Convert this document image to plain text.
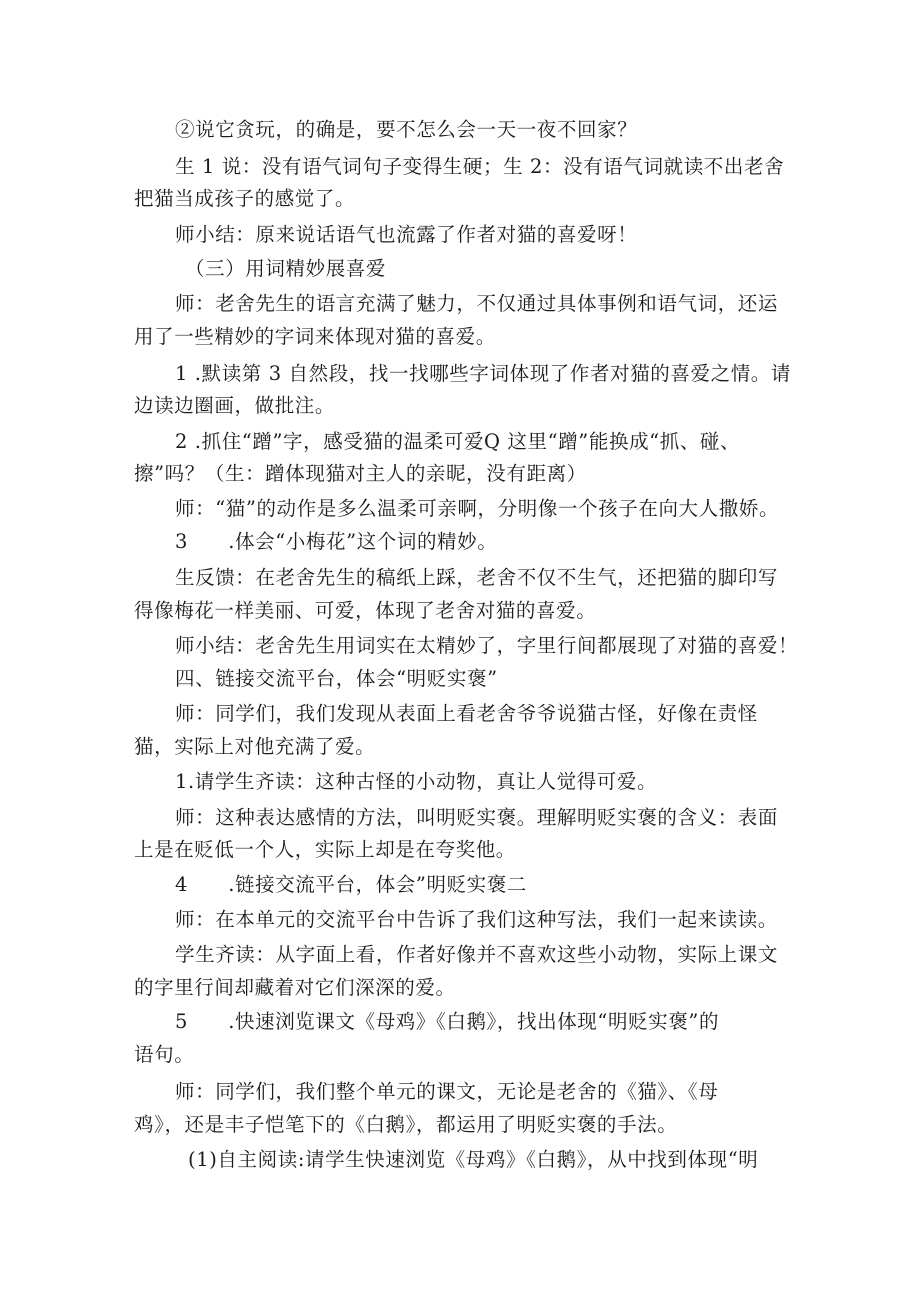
②说它贪玩，的确是，要不怎么会一天一夜不回家？
生 1 说：没有语气词句子变得生硬；生 2：没有语气词就读不出老舍
把猫当成孩子的感觉了。
师小结：原来说话语气也流露了作者对猫的喜爱呀！
（三）用词精妙展喜爱
师：老舍先生的语言充满了魅力，不仅通过具体事例和语气词，还运
用了一些精妙的字词来体现对猫的喜爱。
1 .默读第 3 自然段，找一找哪些字词体现了作者对猫的喜爱之情。请
边读边圈画，做批注。
2 .抓住“蹭”字，感受猫的温柔可爱Q 这里“蹭”能换成“抓、碰、
擦”吗？（生：蹭体现猫对主人的亲昵，没有距离）
师：“猫”的动作是多么温柔可亲啊，分明像一个孩子在向大人撒娇。
3　　.体会“小梅花”这个词的精妙。
生反馈：在老舍先生的稿纸上踩，老舍不仅不生气，还把猫的脚印写
得像梅花一样美丽、可爱，体现了老舍对猫的喜爱。
师小结：老舍先生用词实在太精妙了，字里行间都展现了对猫的喜爱！
四、链接交流平台，体会“明贬实褒”
师：同学们，我们发现从表面上看老舍爷爷说猫古怪，好像在责怪
猫，实际上对他充满了爱。
1.请学生齐读：这种古怪的小动物，真让人觉得可爱。
师：这种表达感情的方法，叫明贬实褒。理解明贬实褒的含义：表面
上是在贬低一个人，实际上却是在夸奖他。
4　　.链接交流平台，体会”明贬实褒二
师：在本单元的交流平台中告诉了我们这种写法，我们一起来读读。
学生齐读：从字面上看，作者好像并不喜欢这些小动物，实际上课文
的字里行间却藏着对它们深深的爱。
5　　.快速浏览课文《母鸡》《白鹅》，找出体现“明贬实褒”的
语句。
师：同学们，我们整个单元的课文，无论是老舍的《猫》、《母
鸡》，还是丰子恺笔下的《白鹅》，都运用了明贬实褒的手法。
(1)自主阅读:请学生快速浏览《母鸡》《白鹅》，从中找到体现“明
